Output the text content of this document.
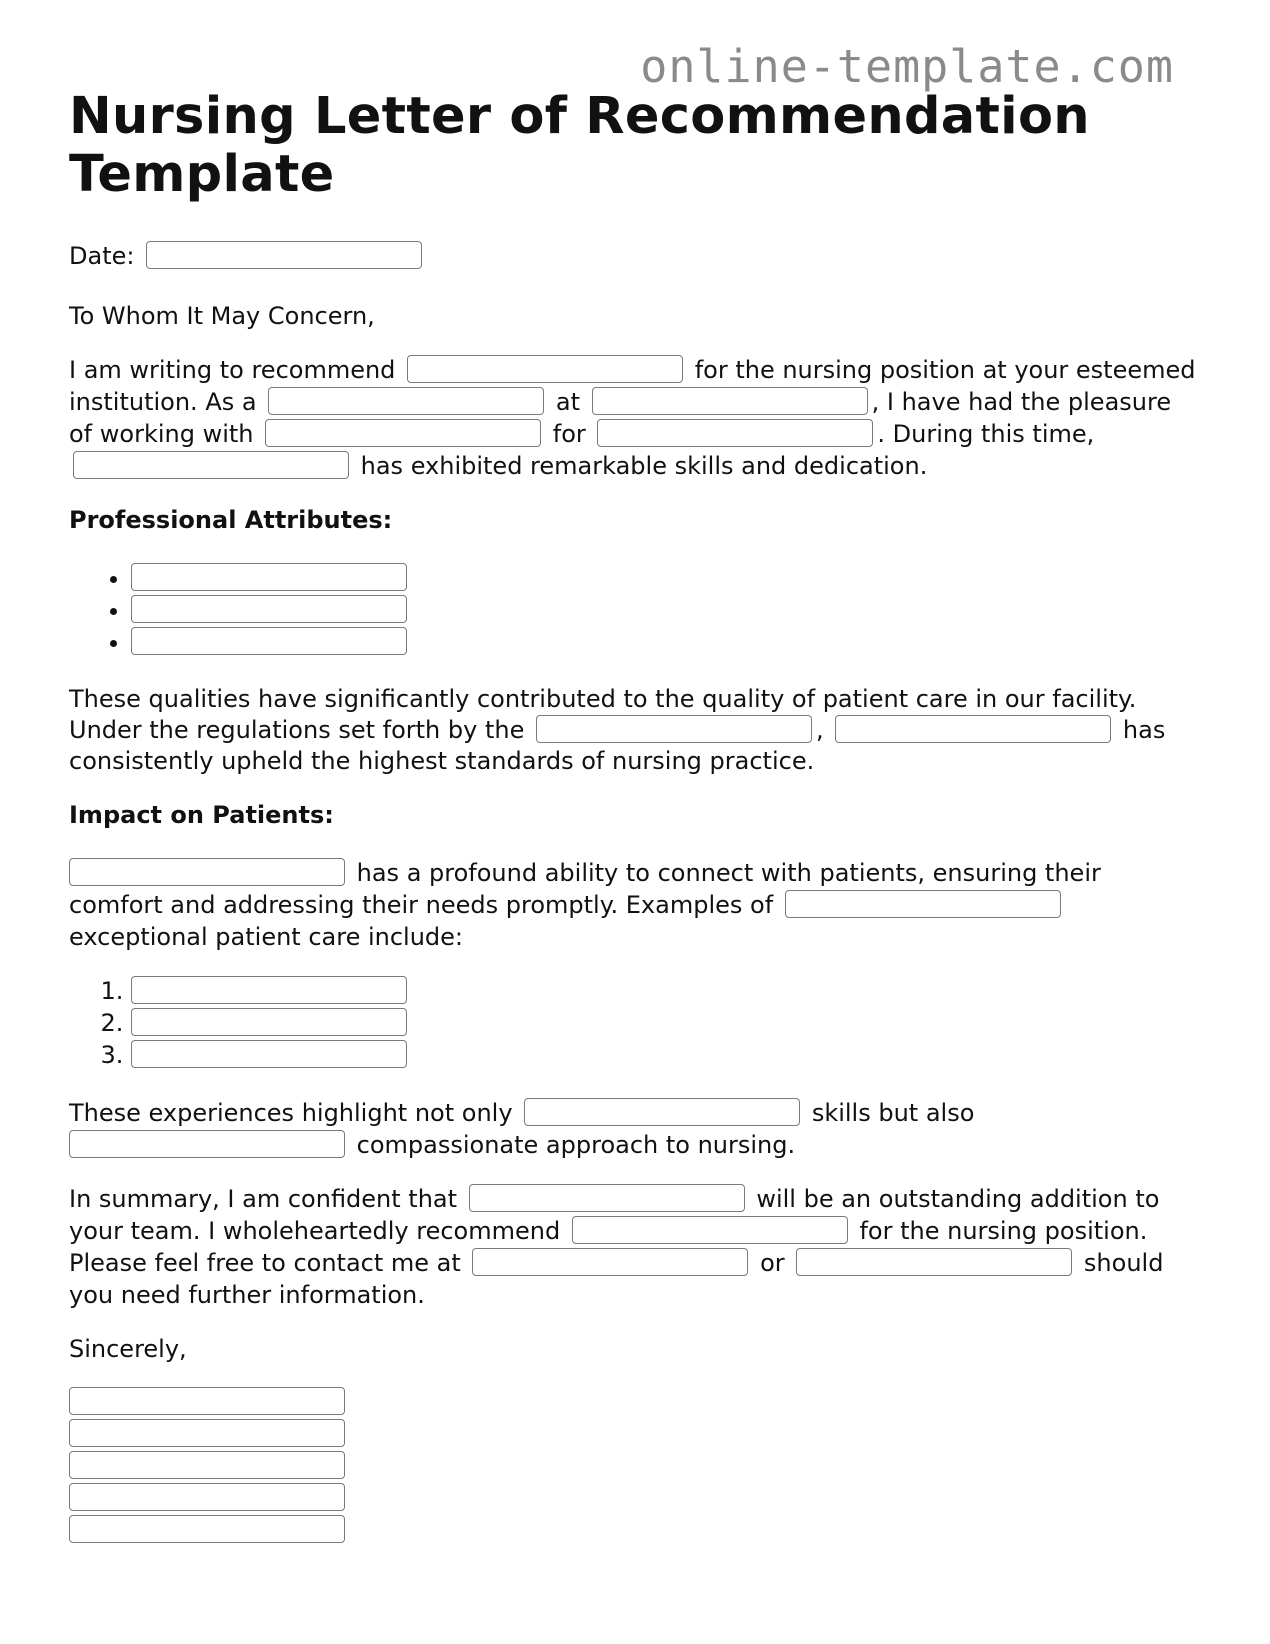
online-template.com
Nursing Letter of Recommendation Template

Date:

To Whom It May Concern,

I am writing to recommend	for the nursing position at your esteemed institution. As a	at	, I have had the pleasure of working with	for	. During this time,  has exhibited remarkable skills and dedication.

Professional Attributes:

•
•
•

These qualities have significantly contributed to the quality of patient care in our facility. Under the regulations set forth by the	,	has consistently upheld the highest standards of nursing practice.

Impact on Patients:

has a profound ability to connect with patients, ensuring their comfort and addressing their needs promptly. Examples of  exceptional patient care include:

1.
2.
3.

These experiences highlight not only	skills but also
compassionate approach to nursing.

In summary, I am confident that	will be an outstanding addition to your team. I wholeheartedly recommend	for the nursing position. Please feel free to contact me at	or	should you need further information.

Sincerely,
